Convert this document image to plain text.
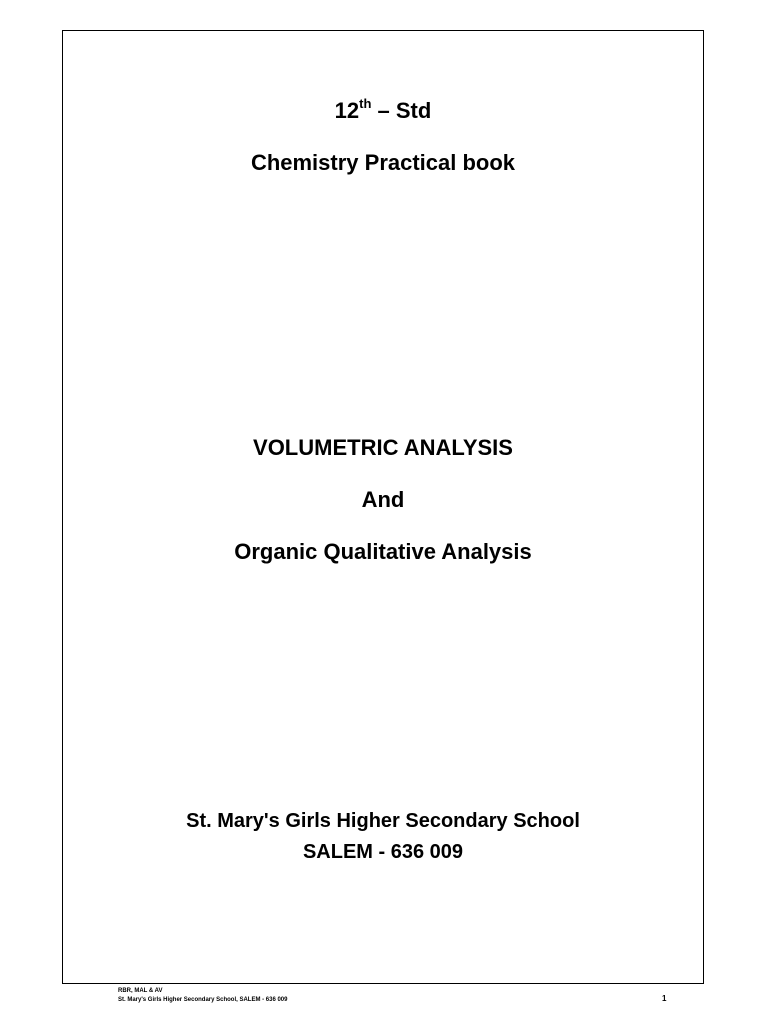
12th – Std
Chemistry Practical book
VOLUMETRIC ANALYSIS
And
Organic Qualitative Analysis
St. Mary's Girls Higher Secondary School
SALEM - 636 009
RBR, MAL & AV
St. Mary's Girls Higher Secondary School, SALEM - 636 009	1
